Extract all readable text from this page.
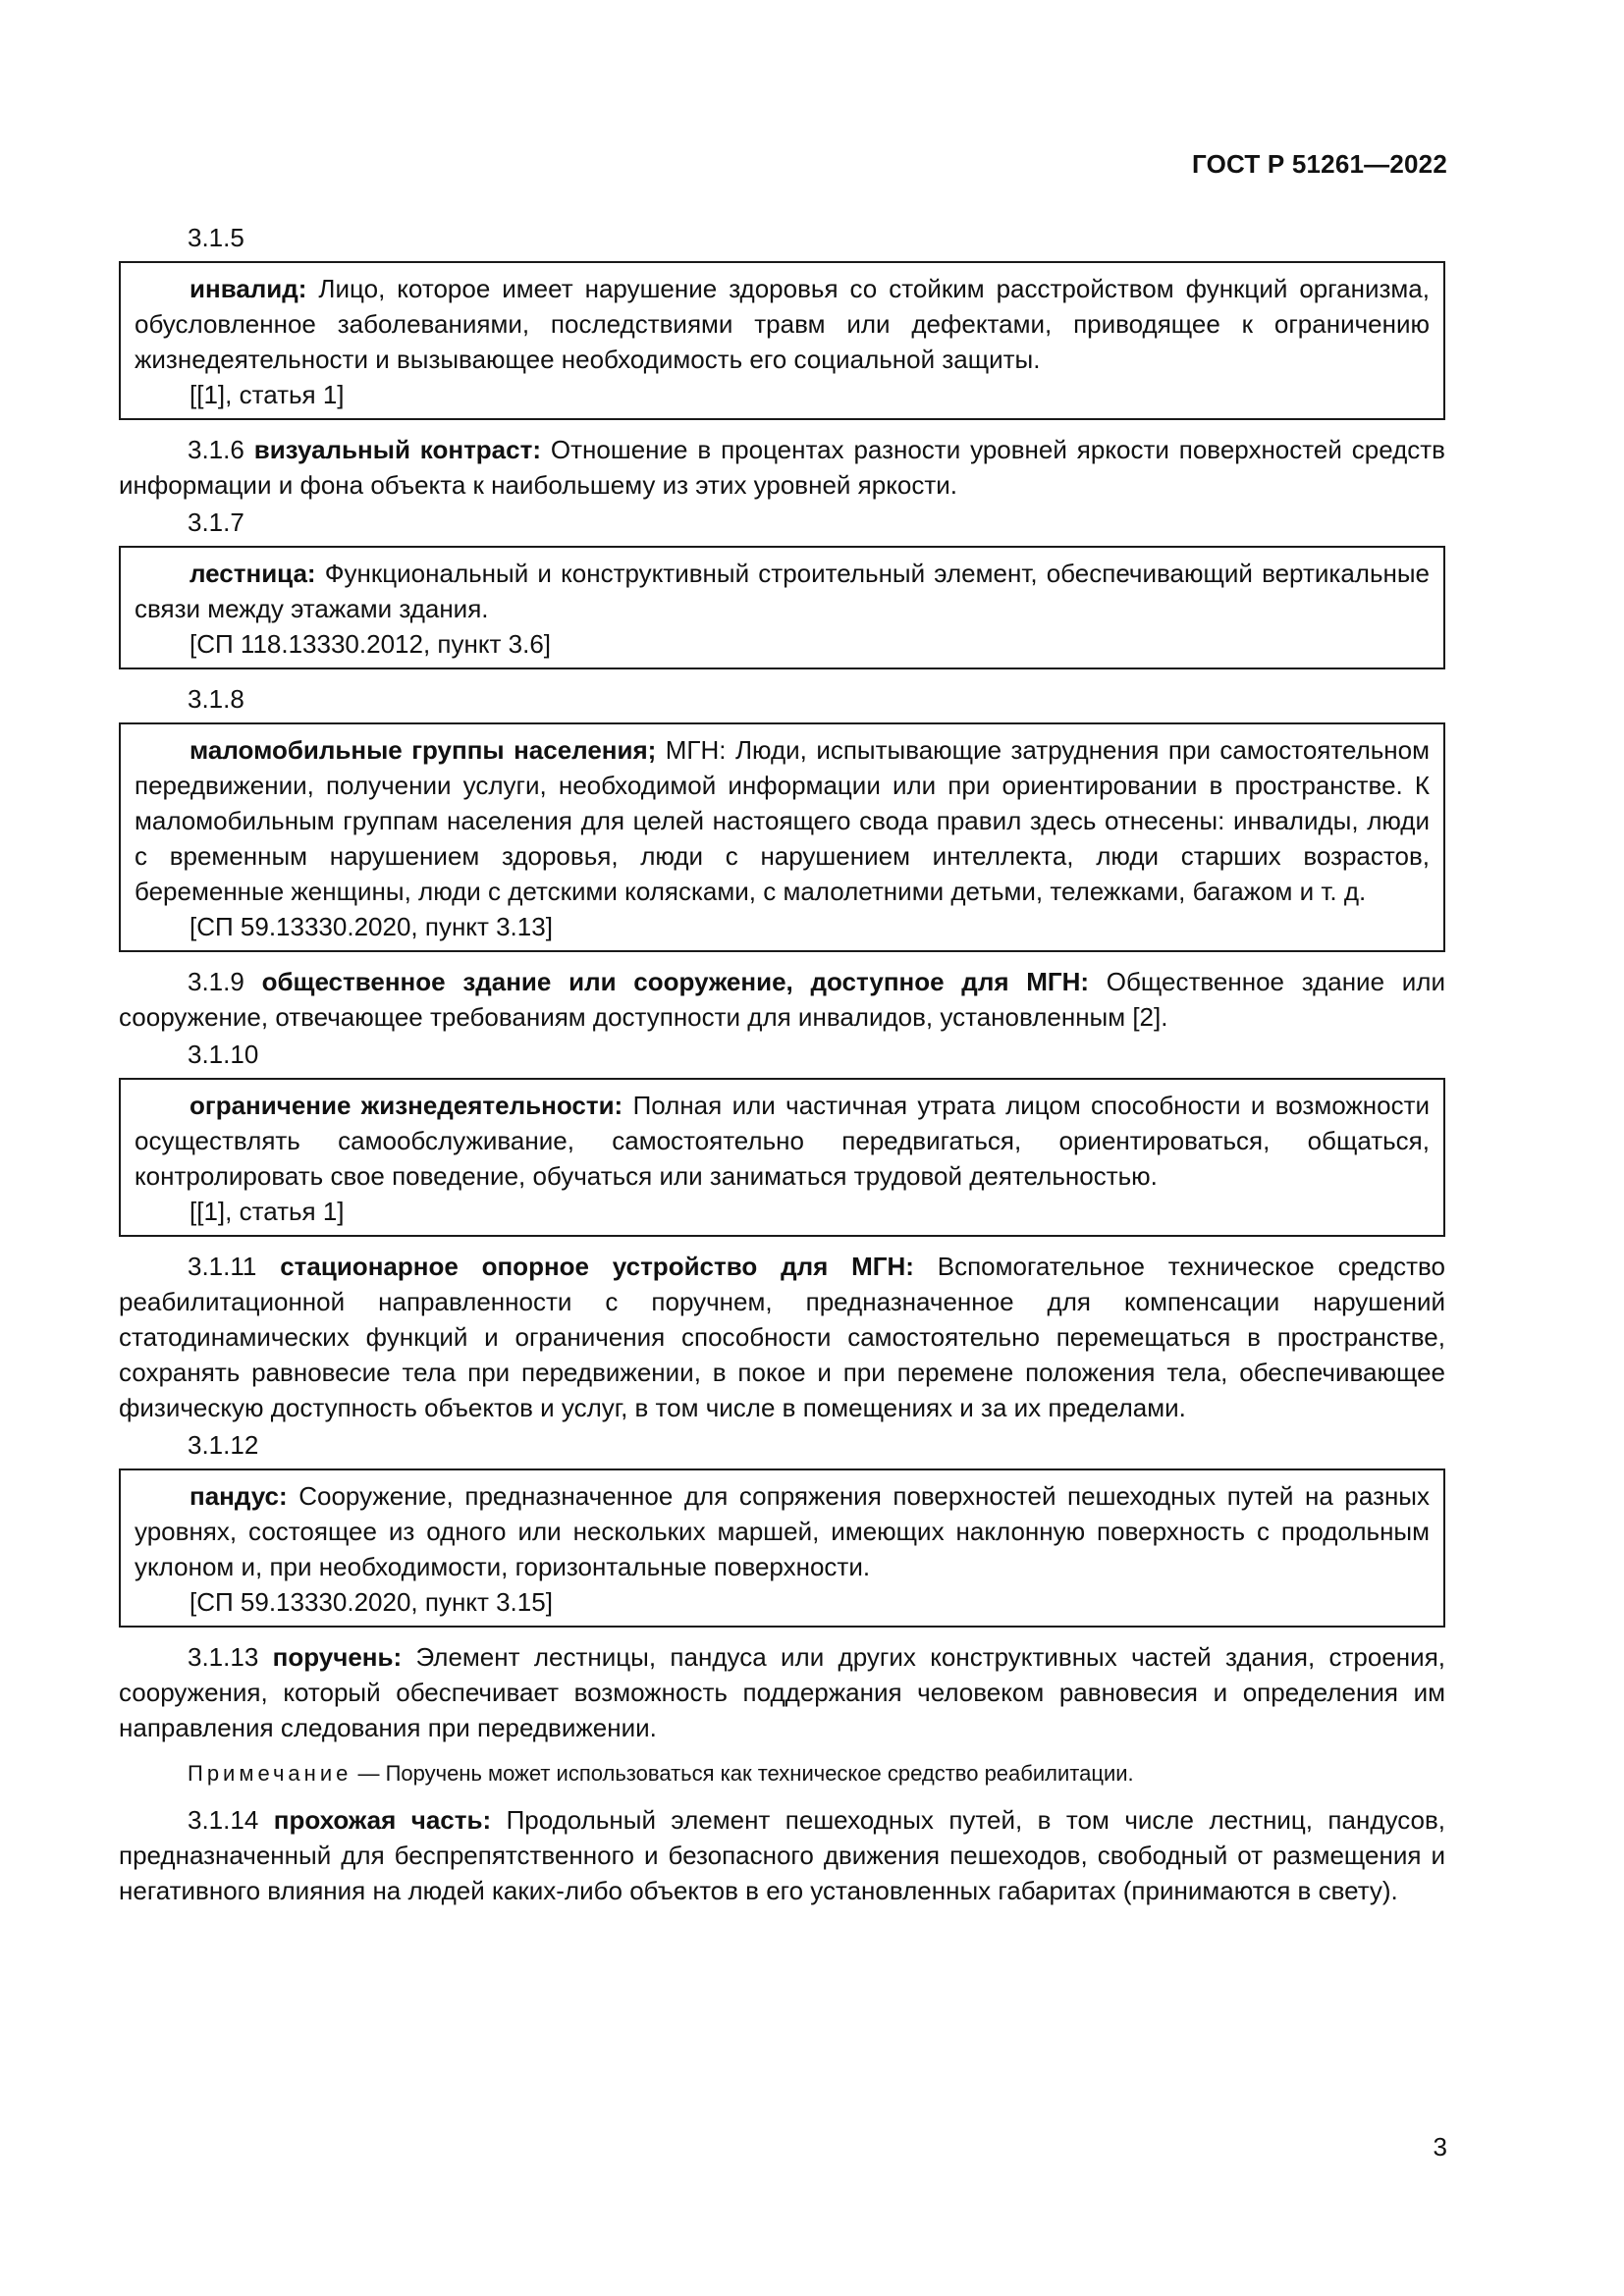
ГОСТ Р 51261—2022
3.1.5

инвалид: Лицо, которое имеет нарушение здоровья со стойким расстройством функций организма, обусловленное заболеваниями, последствиями травм или дефектами, приводящее к ограничению жизнедеятельности и вызывающее необходимость его социальной защиты.

[[1], статья 1]

3.1.6 визуальный контраст: Отношение в процентах разности уровней яркости поверхностей средств информации и фона объекта к наибольшему из этих уровней яркости.

3.1.7

лестница: Функциональный и конструктивный строительный элемент, обеспечивающий вертикальные связи между этажами здания.

[СП 118.13330.2012, пункт 3.6]
3.1.8

маломобильные группы населения; МГН: Люди, испытывающие затруднения при самостоятельном передвижении, получении услуги, необходимой информации или при ориентировании в пространстве. К маломобильным группам населения для целей настоящего свода правил здесь отнесены: инвалиды, люди с временным нарушением здоровья, люди с нарушением интеллекта, люди старших возрастов, беременные женщины, люди с детскими колясками, с малолетними детьми, тележками, багажом и т. д.

[СП 59.13330.2020, пункт 3.13]

3.1.9 общественное здание или сооружение, доступное для МГН: Общественное здание или сооружение, отвечающее требованиям доступности для инвалидов, установленным [2].

3.1.10

ограничение жизнедеятельности: Полная или частичная утрата лицом способности и возможности осуществлять самообслуживание, самостоятельно передвигаться, ориентироваться, общаться, контролировать свое поведение, обучаться или заниматься трудовой деятельностью.

[[1], статья 1]

3.1.11 стационарное опорное устройство для МГН: Вспомогательное техническое средство реабилитационной направленности с поручнем, предназначенное для компенсации нарушений статодинамических функций и ограничения способности самостоятельно перемещаться в пространстве, сохранять равновесие тела при передвижении, в покое и при перемене положения тела, обеспечивающее физическую доступность объектов и услуг, в том числе в помещениях и за их пределами.

3.1.12

пандус: Сооружение, предназначенное для сопряжения поверхностей пешеходных путей на разных уровнях, состоящее из одного или нескольких маршей, имеющих наклонную поверхность с продольным уклоном и, при необходимости, горизонтальные поверхности.

[СП 59.13330.2020, пункт 3.15]

3.1.13 поручень: Элемент лестницы, пандуса или других конструктивных частей здания, строения, сооружения, который обеспечивает возможность поддержания человеком равновесия и определения им направления следования при передвижении.

Примечание — Поручень может использоваться как техническое средство реабилитации.

3.1.14 прохожая часть: Продольный элемент пешеходных путей, в том числе лестниц, пандусов, предназначенный для беспрепятственного и безопасного движения пешеходов, свободный от размещения и негативного влияния на людей каких-либо объектов в его установленных габаритах (принимаются в свету).

3
